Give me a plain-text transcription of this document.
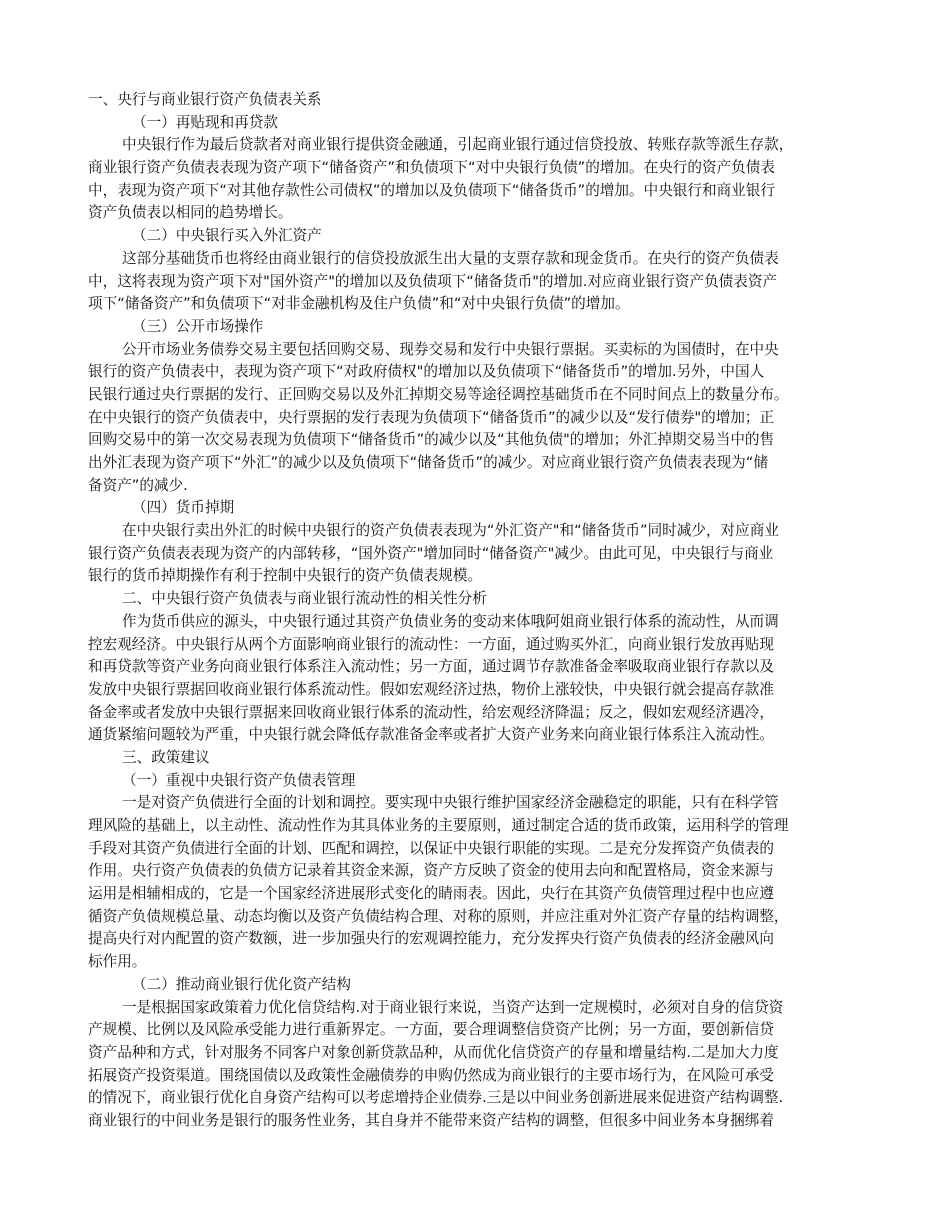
一、央行与商业银行资产负债表关系
（一）再贴现和再贷款
中央银行作为最后贷款者对商业银行提供资金融通，引起商业银行通过信贷投放、转账存款等派生存款，
商业银行资产负债表表现为资产项下“储备资产”和负债项下“对中央银行负债”的增加。在央行的资产负债表
中，表现为资产项下“对其他存款性公司债权”的增加以及负债项下“储备货币”的增加。中央银行和商业银行
资产负债表以相同的趋势增长。
（二）中央银行买入外汇资产
这部分基础货币也将经由商业银行的信贷投放派生出大量的支票存款和现金货币。在央行的资产负债表
中，这将表现为资产项下对"国外资产"的增加以及负债项下“储备货币"的增加.对应商业银行资产负债表资产
项下“储备资产”和负债项下“对非金融机构及住户负债”和“对中央银行负债”的增加。
（三）公开市场操作
公开市场业务债券交易主要包括回购交易、现券交易和发行中央银行票据。买卖标的为国债时，在中央
银行的资产负债表中，表现为资产项下“对政府债权"的增加以及负债项下“储备货币”的增加.另外，中国人
民银行通过央行票据的发行、正回购交易以及外汇掉期交易等途径调控基础货币在不同时间点上的数量分布。
在中央银行的资产负债表中，央行票据的发行表现为负债项下“储备货币”的减少以及“发行债券"的增加；正
回购交易中的第一次交易表现为负债项下“储备货币”的减少以及“其他负债"的增加；外汇掉期交易当中的售
出外汇表现为资产项下“外汇”的减少以及负债项下“储备货币”的减少。对应商业银行资产负债表表现为“储
备资产”的减少.
（四）货币掉期
在中央银行卖出外汇的时候中央银行的资产负债表表现为“外汇资产"和“储备货币”同时减少，对应商业
银行资产负债表表现为资产的内部转移，“国外资产"增加同时“储备资产"减少。由此可见，中央银行与商业
银行的货币掉期操作有利于控制中央银行的资产负债表规模。
二、中央银行资产负债表与商业银行流动性的相关性分析
作为货币供应的源头，中央银行通过其资产负债业务的变动来体哦阿姐商业银行体系的流动性，从而调
控宏观经济。中央银行从两个方面影响商业银行的流动性：一方面，通过购买外汇，向商业银行发放再贴现
和再贷款等资产业务向商业银行体系注入流动性；另一方面，通过调节存款准备金率吸取商业银行存款以及
发放中央银行票据回收商业银行体系流动性。假如宏观经济过热，物价上涨较快，中央银行就会提高存款准
备金率或者发放中央银行票据来回收商业银行体系的流动性，给宏观经济降温；反之，假如宏观经济遇冷，
通货紧缩问题较为严重，中央银行就会降低存款准备金率或者扩大资产业务来向商业银行体系注入流动性。
三、政策建议
（一）重视中央银行资产负债表管理
一是对资产负债进行全面的计划和调控。要实现中央银行维护国家经济金融稳定的职能，只有在科学管
理风险的基础上，以主动性、流动性作为其具体业务的主要原则，通过制定合适的货币政策，运用科学的管理
手段对其资产负债进行全面的计划、匹配和调控，以保证中央银行职能的实现。二是充分发挥资产负债表的
作用。央行资产负债表的负债方记录着其资金来源，资产方反映了资金的使用去向和配置格局，资金来源与
运用是相辅相成的，它是一个国家经济进展形式变化的睛雨表。因此，央行在其资产负债管理过程中也应遵
循资产负债规模总量、动态均衡以及资产负债结构合理、对称的原则，并应注重对外汇资产存量的结构调整，
提高央行对内配置的资产数额，进一步加强央行的宏观调控能力，充分发挥央行资产负债表的经济金融风向
标作用。
（二）推动商业银行优化资产结构
一是根据国家政策着力优化信贷结构.对于商业银行来说，当资产达到一定规模时，必须对自身的信贷资
产规模、比例以及风险承受能力进行重新界定。一方面，要合理调整信贷资产比例；另一方面，要创新信贷
资产品种和方式，针对服务不同客户对象创新贷款品种，从而优化信贷资产的存量和增量结构.二是加大力度
拓展资产投资渠道。围绕国债以及政策性金融债券的申购仍然成为商业银行的主要市场行为，在风险可承受
的情况下，商业银行优化自身资产结构可以考虑增持企业债券.三是以中间业务创新进展来促进资产结构调整.
商业银行的中间业务是银行的服务性业务，其自身并不能带来资产结构的调整，但很多中间业务本身捆绑着
